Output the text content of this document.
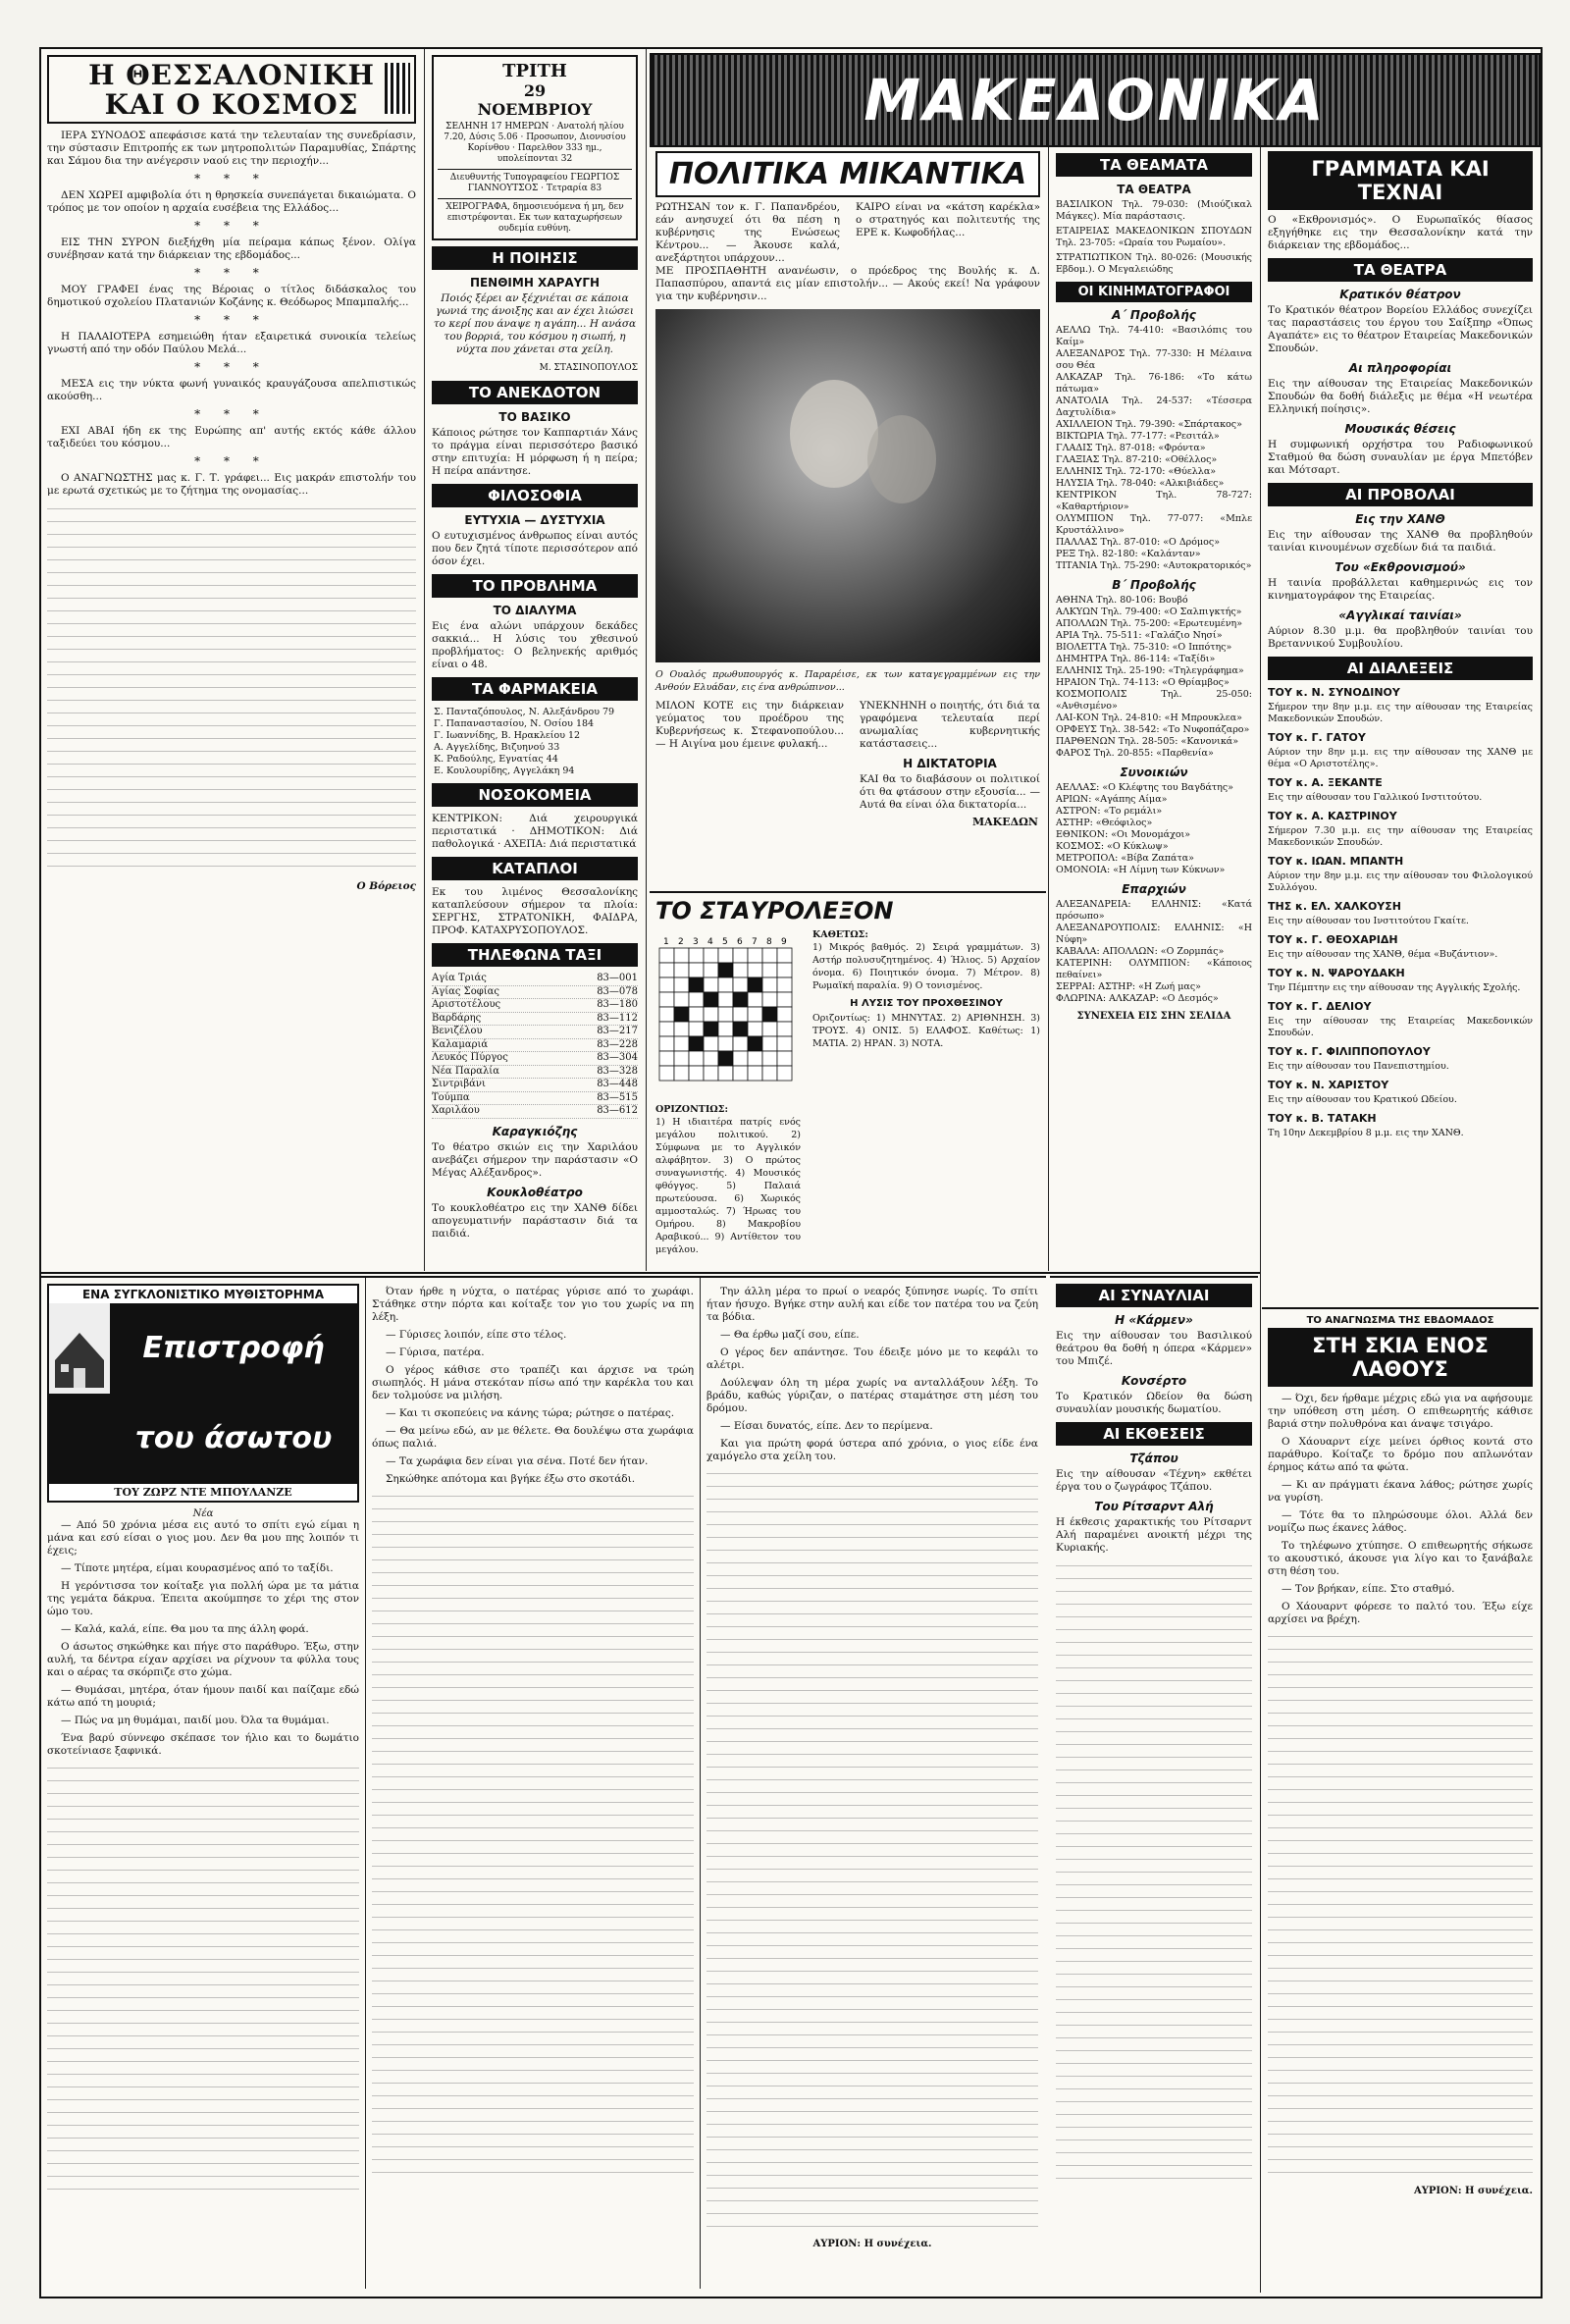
Η ΘΕΣΣΑΛΟΝΙΚΗ ΚΑΙ Ο ΚΟΣΜΟΣ

ΙΕΡΑ ΣΥΝΟΔΟΣ απεφάσισε κατά την τελευταίαν της συνεδρίασιν, την σύστασιν Επιτροπής εκ των μητροπολιτών Παραμυθίας, Σπάρτης και Σάμου δια την ανέγερσιν ναού εις την περιοχήν...

* * *

ΔΕΝ ΧΩΡΕΙ αμφιβολία ότι η θρησκεία συνεπάγεται δικαιώματα. Ο τρόπος με τον οποίον η αρχαία ευσέβεια της Ελλάδος...

* * *

ΕΙΣ ΤΗΝ ΣΥΡΟΝ διεξήχθη μία πείραμα κάπως ξένον. Ολίγα συνέβησαν κατά την διάρκειαν της εβδομάδος...

* * *

ΜΟΥ ΓΡΑΦΕΙ ένας της Βέροιας ο τίτλος διδάσκαλος του δημοτικού σχολείου Πλατανιών Κοζάνης κ. Θεόδωρος Μπαμπαλής...

* * *

Η ΠΑΛΑΙΟΤΕΡΑ εσημειώθη ήταν εξαιρετικά συνοικία τελείως γνωστή από την οδόν Παύλου Μελά...

* * *

ΜΕΣΑ εις την νύκτα φωνή γυναικός κραυγάζουσα απελπιστικώς ακούσθη...

* * *

ΕΧΙ ΑΒΑΙ ήδη εκ της Ευρώπης απ' αυτής εκτός κάθε άλλου ταξιδεύει του κόσμου...

* * *

Ο ΑΝΑΓΝΩΣΤΗΣ μας κ. Γ. Τ. γράφει... Εις μακράν επιστολήν του με ερωτά σχετικώς με το ζήτημα της ονομασίας...

Ο Βόρειος
ΤΡΙΤΗ
29
ΝΟΕΜΒΡΙΟΥ
ΣΕΛΗΝΗ 17 ΗΜΕΡΩΝ · Ανατολή ηλίου 7.20, Δύσις 5.06 · Προσωπον, Διονυσίου Κορίνθου · Παρελθον 333 ημ., υπολείπονται 32
Διευθυντής Τυπογραφείου ΓΕΩΡΓΙΟΣ ΓΙΑΝΝΟΥΤΣΟΣ · Τετραρία 83
ΧΕΙΡΟΓΡΑΦΑ, δημοσιευόμενα ή μη, δεν επιστρέφονται. Εκ των καταχωρήσεων ουδεμία ευθύνη.
Η ΠΟΙΗΣΙΣ
ΠΕΝΘΙΜΗ ΧΑΡΑΥΓΗ
Ποιός ξέρει αν ξέχνιέται σε κάποια γωνιά της άνοιξης και αν έχει λιώσει το κερί που άναψε η αγάπη... Η ανάσα του βορριά, του κόσμου η σιωπή, η νύχτα που χάνεται στα χείλη.
Μ. ΣΤΑΣΙΝΟΠΟΥΛΟΣ
ΤΟ ΑΝΕΚΔΟΤΟΝ
ΤΟ ΒΑΣΙΚΟ
Κάποιος ρώτησε τον Καππαρτιάν Χάνς το πράγμα είναι περισσότερο βασικό στην επιτυχία: Η μόρφωση ή η πείρα; Η πείρα απάντησε.
ΦΙΛΟΣΟΦΙΑ
ΕΥΤΥΧΙΑ — ΔΥΣΤΥΧΙΑ
Ο ευτυχισμένος άνθρωπος είναι αυτός που δεν ζητά τίποτε περισσότερον από όσον έχει.
ΤΟ ΠΡΟΒΛΗΜΑ
ΤΟ ΔΙΑΛΥΜΑ
Εις ένα αλώνι υπάρχουν δεκάδες σακκιά... Η λύσις του χθεσινού προβλήματος: Ο βεληνεκής αριθμός είναι ο 48.
ΤΑ ΦΑΡΜΑΚΕΙΑ
Σ. Πανταζόπουλος, Ν. Αλεξάνδρου 79
Γ. Παπαναστασίου, Ν. Οσίου 184
Γ. Ιωαννίδης, Β. Ηρακλείου 12
Α. Αγγελίδης, Βιζυηνού 33
Κ. Ραδούλης, Εγνατίας 44
Ε. Κουλουρίδης, Αγγελάκη 94
ΝΟΣΟΚΟΜΕΙΑ
ΚΕΝΤΡΙΚΟΝ: Διά χειρουργικά περιστατικά · ΔΗΜΟΤΙΚΟΝ: Διά παθολογικά · ΑΧΕΠΑ: Διά περιστατικά
ΚΑΤΑΠΛΟΙ
Εκ του λιμένος Θεσσαλονίκης καταπλεύσουν σήμερον τα πλοία: ΣΕΡΓΗΣ, ΣΤΡΑΤΟΝΙΚΗ, ΦΑΙΔΡΑ, ΠΡΟΦ. ΚΑΤΑΧΡΥΣΟΠΟΥΛΟΣ.
ΤΗΛΕΦΩΝΑ ΤΑΞΙ
Αγία Τριάς	83—001
Αγίας Σοφίας	83—078
Αριστοτέλους	83—180
Βαρδάρης	83—112
Βενιζέλου	83—217
Καλαμαριά	83—228
Λευκός Πύργος	83—304
Νέα Παραλία	83—328
Σιντριβάνι	83—448
Τούμπα	83—515
Χαριλάου	83—612
Καραγκιόζης
Το θέατρο σκιών εις την Χαριλάου ανεβάζει σήμερον την παράστασιν «Ο Μέγας Αλέξανδρος».
Κουκλοθέατρο
Το κουκλοθέατρο εις την ΧΑΝΘ δίδει απογευματινήν παράστασιν διά τα παιδιά.
ΜΑΚΕΔΟΝΙΚΑ
ΠΟΛΙΤΙΚΑ ΜΙΚΑΝΤΙΚΑ
ΡΩΤΗΣΑΝ τον κ. Γ. Παπανδρέου, εάν ανησυχεί ότι θα πέση η κυβέρνησις της Ενώσεως Κέντρου... — Άκουσε καλά, ανεξάρτητοι υπάρχουν...
ΚΑΙΡΟ είναι να «κάτση καρέκλα» ο στρατηγός και πολιτευτής της ΕΡΕ κ. Κωφοδήλας...
ΜΕ ΠΡΟΣΠΑΘΗΤΗ ανανέωσιν, ο πρόεδρος της Βουλής κ. Δ. Παπασπύρου, απαντά εις μίαν επιστολήν... — Ακούς εκεί! Να γράφουν για την κυβέρνησιν...
Ο Ουαλός πρωθυπουργός κ. Παραρέισε, εκ των καταγεγραμμένων εις την Ανθούν Ελυάδαν, εις ένα ανθρώπινον...
ΜΙΛΟΝ ΚΟΤΕ εις την διάρκειαν γεύματος του προέδρου της Κυβερνήσεως κ. Στεφανοπούλου... — Η Αιγίνα μου έμεινε φυλακή...
ΥΝΕΚΝΗΝΗ ο ποιητής, ότι διά τα γραφόμενα τελευταία περί ανωμαλίας κυβερνητικής κατάστασεις...
Η ΔΙΚΤΑΤΟΡΙΑ
ΚΑΙ θα το διαβάσουν οι πολιτικοί ότι θα φτάσουν στην εξουσία... — Αυτά θα είναι όλα δικτατορία...
ΜΑΚΕΔΩΝ
ΤΟ ΣΤΑΥΡΟΛΕΞΟΝ
1 2 3 4 5 6 7 8 9
ΟΡΙΖΟΝΤΙΩΣ:
1) Η ιδιαιτέρα πατρίς ενός μεγάλου πολιτικού. 2) Σύμφωνα με το Αγγλικόν αλφάβητον. 3) Ο πρώτος συναγωνιστής. 4) Μουσικός φθόγγος. 5) Παλαιά πρωτεύουσα. 6) Χωρικός αμμοσταλώς. 7) Ήρωας του Ομήρου. 8) Μακροβίου Αραβικού... 9) Αντίθετον του μεγάλου.
ΚΑΘΕΤΩΣ:
1) Μικρός βαθμός. 2) Σειρά γραμμάτων. 3) Αστήρ πολυσυζητημένος. 4) Ήλιος. 5) Αρχαίον όνομα. 6) Ποιητικόν όνομα. 7) Μέτρον. 8) Ρωμαϊκή παραλία. 9) Ο τονισμένος.
Η ΛΥΣΙΣ ΤΟΥ ΠΡΟΧΘΕΣΙΝΟΥ
Οριζοντίως: 1) ΜΗΝΥΤΑΣ. 2) ΑΡΙΘΝΗΣΗ. 3) ΤΡΟΥΣ. 4) ΟΝΙΣ. 5) ΕΛΑΦΟΣ. Καθέτως: 1) ΜΑΤΙΑ. 2) ΗΡΑΝ. 3) ΝΟΤΑ.
ΤΑ ΘΕΑΜΑΤΑ
ΤΑ ΘΕΑΤΡΑ
ΒΑΣΙΛΙΚΟΝ Τηλ. 79-030: (Μιούζικαλ Μάγκες). Μία παράστασις.
ΕΤΑΙΡΕΙΑΣ ΜΑΚΕΔΟΝΙΚΩΝ ΣΠΟΥΔΩΝ Τηλ. 23-705: «Ωραία του Ρωμαίου».
ΣΤΡΑΤΙΩΤΙΚΟΝ Τηλ. 80-026: (Μουσικής Εβδομ.). Ο Μεγαλειώδης
ΟΙ ΚΙΝΗΜΑΤΟΓΡΑΦΟΙ
Α΄ Προβολής
ΑΕΛΛΩ Τηλ. 74-410: «Βασιλόπις του Καίμ»
ΑΛΕΞΑΝΔΡΟΣ Τηλ. 77-330: Η Μέλαινα σου Θέα
ΑΛΚΑΖΑΡ Τηλ. 76-186: «Το κάτω πάτωμα»
ΑΝΑΤΟΛΙΑ Τηλ. 24-537: «Τέσσερα Δαχτυλίδια»
ΑΧΙΛΛΕΙΟΝ Τηλ. 79-390: «Σπάρτακος»
ΒΙΚΤΩΡΙΑ Τηλ. 77-177: «Ρεσιτάλ»
ΓΛΑΔΙΣ Τηλ. 87-018: «Φρόντα»
ΓΛΑΞΙΑΣ Τηλ. 87-210: «Οθέλλος»
ΕΛΛΗΝΙΣ Τηλ. 72-170: «Θύελλα»
ΗΛΥΣΙΑ Τηλ. 78-040: «Αλκιβιάδες»
ΚΕΝΤΡΙΚΟΝ Τηλ. 78-727: «Καθαρτήριον»
ΟΛΥΜΠΙΟΝ Τηλ. 77-077: «Μπλε Κρυστάλλινο»
ΠΑΛΛΑΣ Τηλ. 87-010: «Ο Δρόμος»
ΡΕΞ Τηλ. 82-180: «Καλάνταν»
ΤΙΤΑΝΙΑ Τηλ. 75-290: «Αυτοκρατορικός»
Β΄ Προβολής
ΑΘΗΝΑ Τηλ. 80-106: Βουβό
ΑΛΚΥΩΝ Τηλ. 79-400: «Ο Σαλπιγκτής»
ΑΠΟΛΛΩΝ Τηλ. 75-200: «Ερωτευμένη»
ΑΡΙΑ Τηλ. 75-511: «Γαλάζιο Νησί»
ΒΙΟΛΕΤΤΑ Τηλ. 75-310: «Ο Ιππότης»
ΔΗΜΗΤΡΑ Τηλ. 86-114: «Ταξίδι»
ΕΛΛΗΝΙΣ Τηλ. 25-190: «Τηλεγράφημα»
ΗΡΑΙΟΝ Τηλ. 74-113: «Ο Θρίαμβος»
ΚΟΣΜΟΠΟΛΙΣ Τηλ. 25-050: «Ανθισμένο»
ΛΑΙ-ΚΟΝ Τηλ. 24-810: «Η Μπρουκλεα»
ΟΡΦΕΥΣ Τηλ. 38-542: «Το Νυφοπάζαρο»
ΠΑΡΘΕΝΩΝ Τηλ. 28-505: «Κανονικά»
ΦΑΡΟΣ Τηλ. 20-855: «Παρθενία»
Συνοικιών
ΑΕΛΛΑΣ: «Ο Κλέφτης του Βαγδάτης»
ΑΡΙΩΝ: «Αγάπης Αίμα»
ΑΣΤΡΟΝ: «Το ρεμάλι»
ΑΣΤΗΡ: «Θεόφιλος»
ΕΘΝΙΚΟΝ: «Οι Μονομάχοι»
ΚΟΣΜΟΣ: «Ο Κύκλωψ»
ΜΕΤΡΟΠΟΛ: «Βίβα Ζαπάτα»
ΟΜΟΝΟΙΑ: «Η Λίμνη των Κύκνων»
Επαρχιών
ΑΛΕΞΑΝΔΡΕΙΑ: ΕΛΛΗΝΙΣ: «Κατά πρόσωπο»
ΑΛΕΞΑΝΔΡΟΥΠΟΛΙΣ: ΕΛΛΗΝΙΣ: «Η Νύφη»
ΚΑΒΑΛΑ: ΑΠΟΛΛΩΝ: «Ο Ζορμπάς»
ΚΑΤΕΡΙΝΗ: ΟΛΥΜΠΙΟΝ: «Κάποιος πεθαίνει»
ΣΕΡΡΑΙ: ΑΣΤΗΡ: «Η Ζωή μας»
ΦΛΩΡΙΝΑ: ΑΛΚΑΖΑΡ: «Ο Δεσμός»
ΣΥΝΕΧΕΙΑ ΕΙΣ ΣΗΝ ΣΕΛΙΔΑ
ΓΡΑΜΜΑΤΑ ΚΑΙ ΤΕΧΝΑΙ
Ο «Εκθρονισμός». Ο Ευρωπαϊκός θίασος εξηγήθηκε εις την Θεσσαλονίκην κατά την διάρκειαν της εβδομάδος...
ΤΑ ΘΕΑΤΡΑ
Κρατικόν θέατρον
Το Κρατικόν θέατρον Βορείου Ελλάδος συνεχίζει τας παραστάσεις του έργου του Σαίξπηρ «Όπως Αγαπάτε» εις το θέατρον Εταιρείας Μακεδονικών Σπουδών.
Αι πληροφορίαι
Εις την αίθουσαν της Εταιρείας Μακεδονικών Σπουδών θα δοθή διάλεξις με θέμα «Η νεωτέρα Ελληνική ποίησις».
Μουσικάς θέσεις
Η συμφωνική ορχήστρα του Ραδιοφωνικού Σταθμού θα δώση συναυλίαν με έργα Μπετόβεν και Μότσαρτ.
ΑΙ ΠΡΟΒΟΛΑΙ
Εις την ΧΑΝΘ
Εις την αίθουσαν της ΧΑΝΘ θα προβληθούν ταινίαι κινουμένων σχεδίων διά τα παιδιά.
Του «Εκθρονισμού»
Η ταινία προβάλλεται καθημερινώς εις τον κινηματογράφον της Εταιρείας.
«Αγγλικαί ταινίαι»
Αύριον 8.30 μ.μ. θα προβληθούν ταινίαι του Βρεταννικού Συμβουλίου.
ΑΙ ΔΙΑΛΕΞΕΙΣ
ΤΟΥ κ. Ν. ΣΥΝΟΔΙΝΟΥ
Σήμερον την 8ην μ.μ. εις την αίθουσαν της Εταιρείας Μακεδονικών Σπουδών.
ΤΟΥ κ. Γ. ΓΑΤΟΥ
Αύριον την 8ην μ.μ. εις την αίθουσαν της ΧΑΝΘ με θέμα «Ο Αριστοτέλης».
ΤΟΥ κ. Α. ΞΕΚΑΝΤΕ
Εις την αίθουσαν του Γαλλικού Ινστιτούτου.
ΤΟΥ κ. Α. ΚΑΣΤΡΙΝΟΥ
Σήμερον 7.30 μ.μ. εις την αίθουσαν της Εταιρείας Μακεδονικών Σπουδών.
ΤΟΥ κ. ΙΩΑΝ. ΜΠΑΝΤΗ
Αύριον την 8ην μ.μ. εις την αίθουσαν του Φιλολογικού Συλλόγου.
ΤΗΣ κ. ΕΛ. ΧΑΛΚΟΥΣΗ
Εις την αίθουσαν του Ινστιτούτου Γκαίτε.
ΤΟΥ κ. Γ. ΘΕΟΧΑΡΙΔΗ
Εις την αίθουσαν της ΧΑΝΘ, θέμα «Βυζάντιον».
ΤΟΥ κ. Ν. ΨΑΡΟΥΔΑΚΗ
Την Πέμπτην εις την αίθουσαν της Αγγλικής Σχολής.
ΤΟΥ κ. Γ. ΔΕΛΙΟΥ
Εις την αίθουσαν της Εταιρείας Μακεδονικών Σπουδών.
ΤΟΥ κ. Γ. ΦΙΛΙΠΠΟΠΟΥΛΟΥ
Εις την αίθουσαν του Πανεπιστημίου.
ΤΟΥ κ. Ν. ΧΑΡΙΣΤΟΥ
Εις την αίθουσαν του Κρατικού Ωδείου.
ΤΟΥ κ. Β. ΤΑΤΑΚΗ
Τη 10ην Δεκεμβρίου 8 μ.μ. εις την ΧΑΝΘ.
ΤΟ ΑΝΑΓΝΩΣΜΑ ΤΗΣ ΕΒΔΟΜΑΔΟΣ
ΣΤΗ ΣΚΙΑ ΕΝΟΣ ΛΑΘΟΥΣ

— Όχι, δεν ήρθαμε μέχρις εδώ για να αφήσουμε την υπόθεση στη μέση. Ο επιθεωρητής κάθισε βαριά στην πολυθρόνα και άναψε τσιγάρο.

Ο Χάουαρντ είχε μείνει όρθιος κοντά στο παράθυρο. Κοίταζε το δρόμο που απλωνόταν έρημος κάτω από τα φώτα.

— Κι αν πράγματι έκανα λάθος; ρώτησε χωρίς να γυρίση.

— Τότε θα το πληρώσουμε όλοι. Αλλά δεν νομίζω πως έκανες λάθος.

Το τηλέφωνο χτύπησε. Ο επιθεωρητής σήκωσε το ακουστικό, άκουσε για λίγο και το ξανάβαλε στη θέση του.

— Τον βρήκαν, είπε. Στο σταθμό.

Ο Χάουαρντ φόρεσε το παλτό του. Έξω είχε αρχίσει να βρέχη.

ΑΥΡΙΟΝ: Η συνέχεια.
ΑΙ ΣΥΝΑΥΛΙΑΙ
Η «Κάρμεν»
Εις την αίθουσαν του Βασιλικού θεάτρου θα δοθή η όπερα «Κάρμεν» του Μπιζέ.
Κονσέρτο
Το Κρατικόν Ωδείον θα δώση συναυλίαν μουσικής δωματίου.
ΑΙ ΕΚΘΕΣΕΙΣ
Τζάπου
Εις την αίθουσαν «Τέχνη» εκθέτει έργα του ο ζωγράφος Τζάπου.
Του Ρίτσαρντ Αλή
Η έκθεσις χαρακτικής του Ρίτσαρντ Αλή παραμένει ανοικτή μέχρι της Κυριακής.
ΕΝΑ ΣΥΓΚΛΟΝΙΣΤΙΚΟ ΜΥΘΙΣΤΟΡΗΜΑ
Επιστροφή του άσωτου
ΤΟΥ ΖΩΡΖ ΝΤΕ ΜΠΟΥΛΑΝΖΕ
Νέα

— Από 50 χρόνια μέσα εις αυτό το σπίτι εγώ είμαι η μάνα και εσύ είσαι ο γιος μου. Δεν θα μου πης λοιπόν τι έχεις;

— Τίποτε μητέρα, είμαι κουρασμένος από το ταξίδι.

Η γερόντισσα τον κοίταξε για πολλή ώρα με τα μάτια της γεμάτα δάκρυα. Έπειτα ακούμπησε το χέρι της στον ώμο του.

— Καλά, καλά, είπε. Θα μου τα πης άλλη φορά.

Ο άσωτος σηκώθηκε και πήγε στο παράθυρο. Έξω, στην αυλή, τα δέντρα είχαν αρχίσει να ρίχνουν τα φύλλα τους και ο αέρας τα σκόρπιζε στο χώμα.

— Θυμάσαι, μητέρα, όταν ήμουν παιδί και παίζαμε εδώ κάτω από τη μουριά;

— Πώς να μη θυμάμαι, παιδί μου. Όλα τα θυμάμαι.

Ένα βαρύ σύννεφο σκέπασε τον ήλιο και το δωμάτιο σκοτείνιασε ξαφνικά.

Όταν ήρθε η νύχτα, ο πατέρας γύρισε από το χωράφι. Στάθηκε στην πόρτα και κοίταξε τον γιο του χωρίς να πη λέξη.

— Γύρισες λοιπόν, είπε στο τέλος.

— Γύρισα, πατέρα.

Ο γέρος κάθισε στο τραπέζι και άρχισε να τρώη σιωπηλός. Η μάνα στεκόταν πίσω από την καρέκλα του και δεν τολμούσε να μιλήση.

— Και τι σκοπεύεις να κάνης τώρα; ρώτησε ο πατέρας.

— Θα μείνω εδώ, αν με θέλετε. Θα δουλέψω στα χωράφια όπως παλιά.

— Τα χωράφια δεν είναι για σένα. Ποτέ δεν ήταν.

Σηκώθηκε απότομα και βγήκε έξω στο σκοτάδι.

Την άλλη μέρα το πρωί ο νεαρός ξύπνησε νωρίς. Το σπίτι ήταν ήσυχο. Βγήκε στην αυλή και είδε τον πατέρα του να ζεύη τα βόδια.

— Θα έρθω μαζί σου, είπε.

Ο γέρος δεν απάντησε. Του έδειξε μόνο με το κεφάλι το αλέτρι.

Δούλεψαν όλη τη μέρα χωρίς να ανταλλάξουν λέξη. Το βράδυ, καθώς γύριζαν, ο πατέρας σταμάτησε στη μέση του δρόμου.

— Είσαι δυνατός, είπε. Δεν το περίμενα.

Και για πρώτη φορά ύστερα από χρόνια, ο γιος είδε ένα χαμόγελο στα χείλη του.

ΑΥΡΙΟΝ: Η συνέχεια.
